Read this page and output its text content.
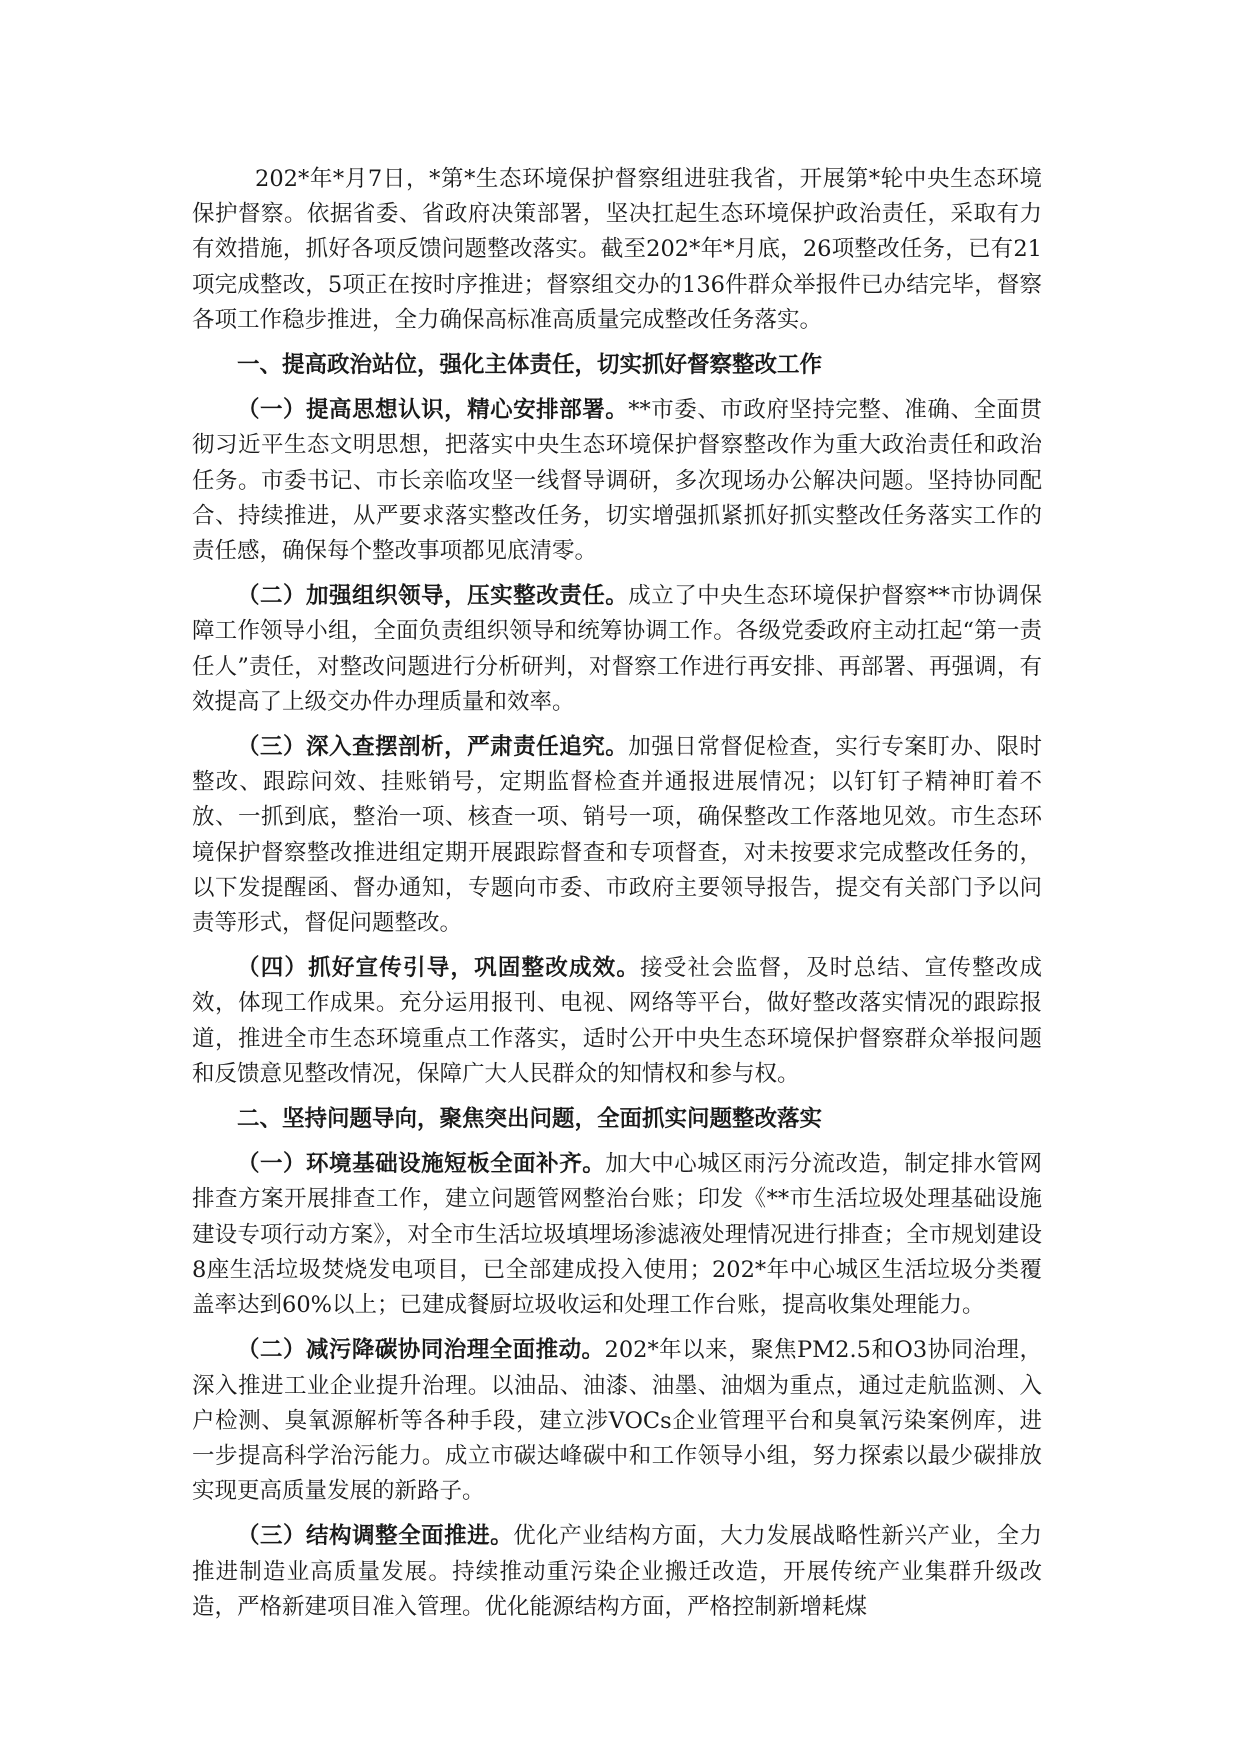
202*年*月7日，*第*生态环境保护督察组进驻我省，开展第*轮中央生态环境保护督察。依据省委、省政府决策部署，坚决扛起生态环境保护政治责任，采取有力有效措施，抓好各项反馈问题整改落实。截至202*年*月底，26项整改任务，已有21项完成整改，5项正在按时序推进；督察组交办的136件群众举报件已办结完毕，督察各项工作稳步推进，全力确保高标准高质量完成整改任务落实。

一、提高政治站位，强化主体责任，切实抓好督察整改工作

（一）提高思想认识，精心安排部署。**市委、市政府坚持完整、准确、全面贯彻习近平生态文明思想，把落实中央生态环境保护督察整改作为重大政治责任和政治任务。市委书记、市长亲临攻坚一线督导调研，多次现场办公解决问题。坚持协同配合、持续推进，从严要求落实整改任务，切实增强抓紧抓好抓实整改任务落实工作的责任感，确保每个整改事项都见底清零。

（二）加强组织领导，压实整改责任。成立了中央生态环境保护督察**市协调保障工作领导小组，全面负责组织领导和统筹协调工作。各级党委政府主动扛起“第一责任人”责任，对整改问题进行分析研判，对督察工作进行再安排、再部署、再强调，有效提高了上级交办件办理质量和效率。

（三）深入查摆剖析，严肃责任追究。加强日常督促检查，实行专案盯办、限时整改、跟踪问效、挂账销号，定期监督检查并通报进展情况；以钉钉子精神盯着不放、一抓到底，整治一项、核查一项、销号一项，确保整改工作落地见效。市生态环境保护督察整改推进组定期开展跟踪督查和专项督查，对未按要求完成整改任务的，以下发提醒函、督办通知，专题向市委、市政府主要领导报告，提交有关部门予以问责等形式，督促问题整改。

（四）抓好宣传引导，巩固整改成效。接受社会监督，及时总结、宣传整改成效，体现工作成果。充分运用报刊、电视、网络等平台，做好整改落实情况的跟踪报道，推进全市生态环境重点工作落实，适时公开中央生态环境保护督察群众举报问题和反馈意见整改情况，保障广大人民群众的知情权和参与权。

二、坚持问题导向，聚焦突出问题，全面抓实问题整改落实

（一）环境基础设施短板全面补齐。加大中心城区雨污分流改造，制定排水管网排查方案开展排查工作，建立问题管网整治台账；印发《**市生活垃圾处理基础设施建设专项行动方案》，对全市生活垃圾填埋场渗滤液处理情况进行排查；全市规划建设8座生活垃圾焚烧发电项目，已全部建成投入使用；202*年中心城区生活垃圾分类覆盖率达到60%以上；已建成餐厨垃圾收运和处理工作台账，提高收集处理能力。

（二）减污降碳协同治理全面推动。202*年以来，聚焦PM2.5和O3协同治理，深入推进工业企业提升治理。以油品、油漆、油墨、油烟为重点，通过走航监测、入户检测、臭氧源解析等各种手段，建立涉VOCs企业管理平台和臭氧污染案例库，进一步提高科学治污能力。成立市碳达峰碳中和工作领导小组，努力探索以最少碳排放实现更高质量发展的新路子。

（三）结构调整全面推进。优化产业结构方面，大力发展战略性新兴产业，全力推进制造业高质量发展。持续推动重污染企业搬迁改造，开展传统产业集群升级改造，严格新建项目准入管理。优化能源结构方面，严格控制新增耗煤
